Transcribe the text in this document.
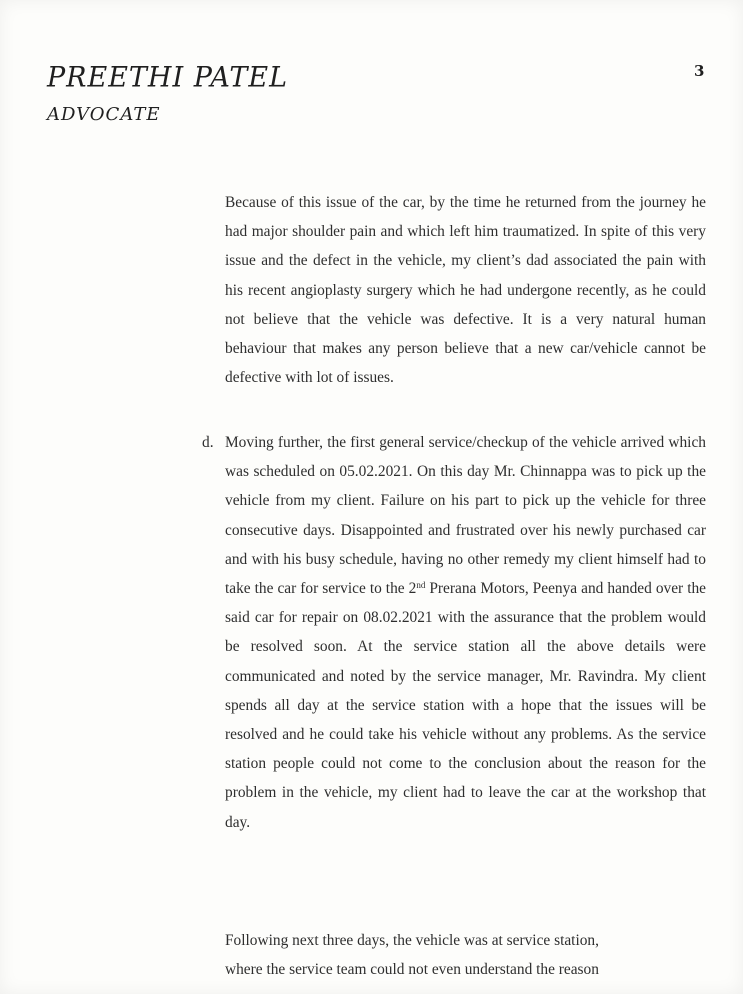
PREETHI PATEL
ADVOCATE
3
Because of this issue of the car, by the time he returned from the journey he had major shoulder pain and which left him traumatized. In spite of this very issue and the defect in the vehicle, my client’s dad associated the pain with his recent angioplasty surgery which he had undergone recently, as he could not believe that the vehicle was defective. It is a very natural human behaviour that makes any person believe that a new car/vehicle cannot be defective with lot of issues.
d. Moving further, the first general service/checkup of the vehicle arrived which was scheduled on 05.02.2021. On this day Mr. Chinnappa was to pick up the vehicle from my client. Failure on his part to pick up the vehicle for three consecutive days. Disappointed and frustrated over his newly purchased car and with his busy schedule, having no other remedy my client himself had to take the car for service to the 2nd Prerana Motors, Peenya and handed over the said car for repair on 08.02.2021 with the assurance that the problem would be resolved soon. At the service station all the above details were communicated and noted by the service manager, Mr. Ravindra. My client spends all day at the service station with a hope that the issues will be resolved and he could take his vehicle without any problems. As the service station people could not come to the conclusion about the reason for the problem in the vehicle, my client had to leave the car at the workshop that day.
Following next three days, the vehicle was at service station,
where the service team could not even understand the reason
